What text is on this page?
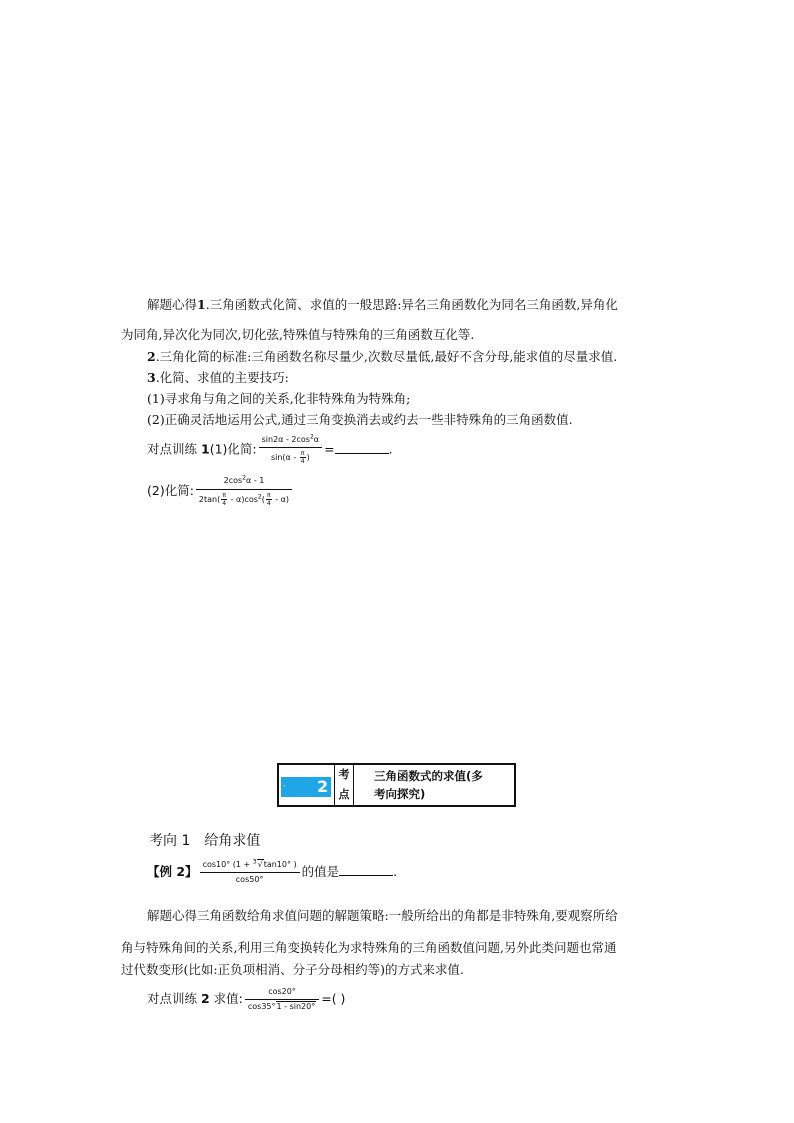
解题心得1.三角函数式化简、求值的一般思路:异名三角函数化为同名三角函数,异角化
为同角,异次化为同次,切化弦,特殊值与特殊角的三角函数互化等.
2.三角化简的标准:三角函数名称尽量少,次数尽量低,最好不含分母,能求值的尽量求值.
3.化简、求值的主要技巧:
(1)寻求角与角之间的关系,化非特殊角为特殊角;
(2)正确灵活地运用公式,通过三角变换消去或约去一些非特殊角的三角函数值.
对点训练 1(1)化简: $\frac{\sin 2\alpha - 2\cos^2\alpha}{\sin(\alpha - \frac{\pi}{4} )}$ =	.
(2)化简: $\frac{2\cos^2\alpha - 1}{2\tan( \frac{\pi}{4} - \alpha)\cos^2( \frac{\pi}{4} - \alpha)}$
· 2
考
点
三角函数式的求值(多
考向探究)
考向 1 给角求值
【例 2】 $\frac{\cos 10^\circ (1 + ^3√\tan 10^\circ )}{\cos 50^\circ}$ 的值是	.
解题心得三角函数给角求值问题的解题策略:一般所给出的角都是非特殊角,要观察所给
角与特殊角间的关系,利用三角变换转化为求特殊角的三角函数值问题,另外此类问题也常通
过代数变形(比如:正负项相消、分子分母相约等)的方式来求值.
对点训练 2 求值: $\frac{\cos 20^\circ}{\cos 35^\circ 1 - \sin 20^\circ}$ =( )
